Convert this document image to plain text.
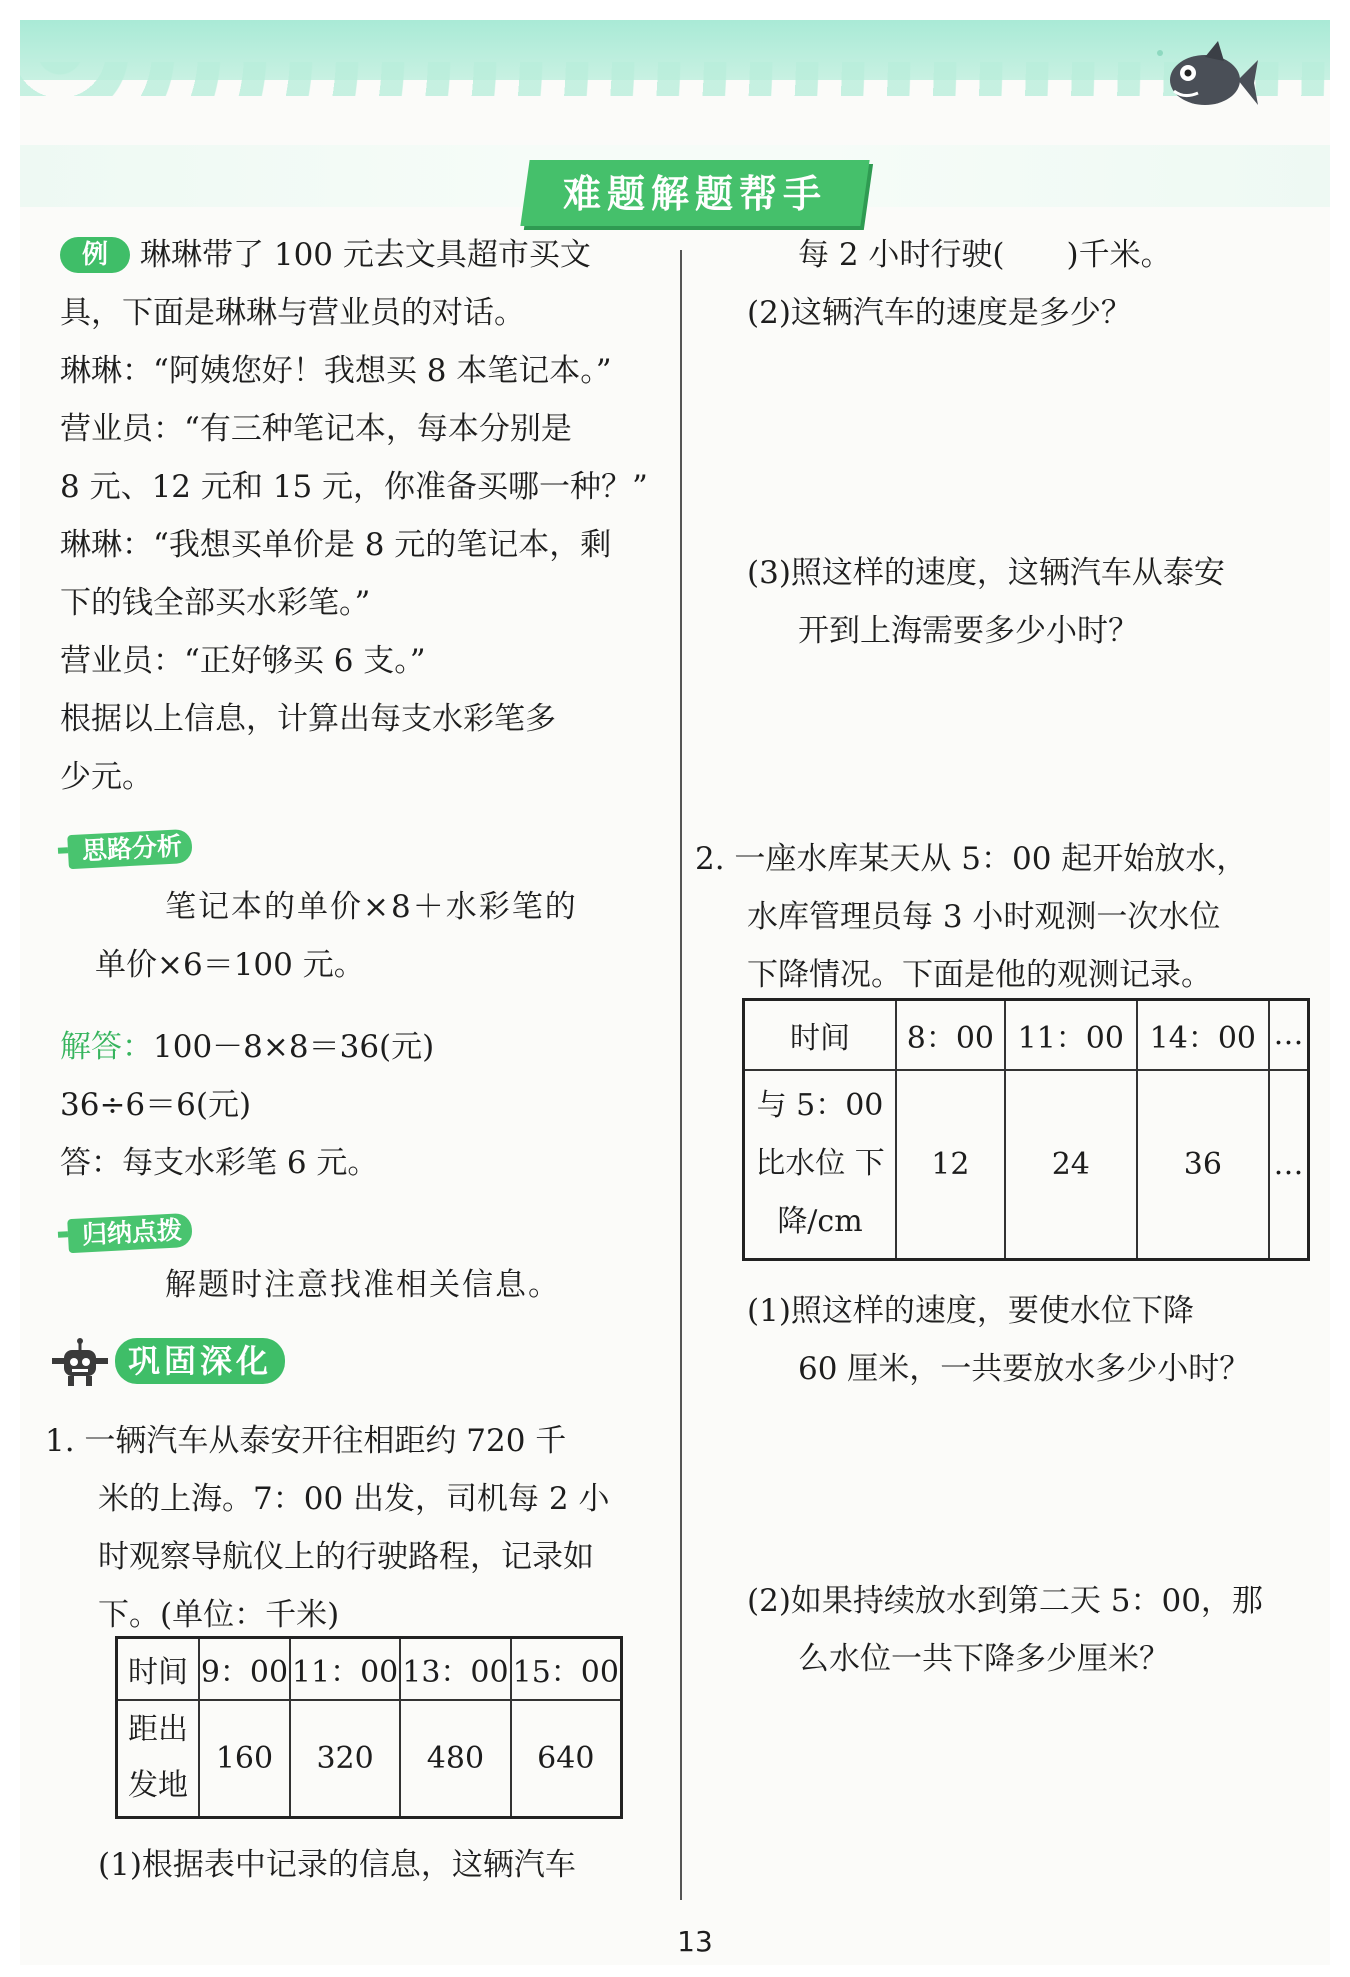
难题解题帮手
例	琳琳带了 100 元去文具超市买文
具，下面是琳琳与营业员的对话。
琳琳：“阿姨您好！我想买 8 本笔记本。”
营业员：“有三种笔记本，每本分别是
8 元、12 元和 15 元，你准备买哪一种？”
琳琳：“我想买单价是 8 元的笔记本，剩
下的钱全部买水彩笔。”
营业员：“正好够买 6 支。”
根据以上信息，计算出每支水彩笔多
少元。
思路分析
笔记本的单价×8＋水彩笔的
单价×6＝100 元。
解答：100－8×8＝36(元)
36÷6＝6(元)
答：每支水彩笔 6 元。
归纳点拨
解题时注意找准相关信息。
巩固深化
1. 一辆汽车从泰安开往相距约 720 千
米的上海。7：00 出发，司机每 2 小
时观察导航仪上的行驶路程，记录如
下。(单位：千米)
时间	9：00	11：00	13：00	15：00
距出发地	160	320	480	640
(1)根据表中记录的信息，这辆汽车
每 2 小时行驶(　　)千米。
(2)这辆汽车的速度是多少？
(3)照这样的速度，这辆汽车从泰安
开到上海需要多少小时？
2. 一座水库某天从 5：00 起开始放水，
水库管理员每 3 小时观测一次水位
下降情况。下面是他的观测记录。
时间	8：00	11：00	14：00	…
与 5：00 比水位 下降/cm	12	24	36	…
(1)照这样的速度，要使水位下降
60 厘米，一共要放水多少小时？
(2)如果持续放水到第二天 5：00，那
么水位一共下降多少厘米？
13
